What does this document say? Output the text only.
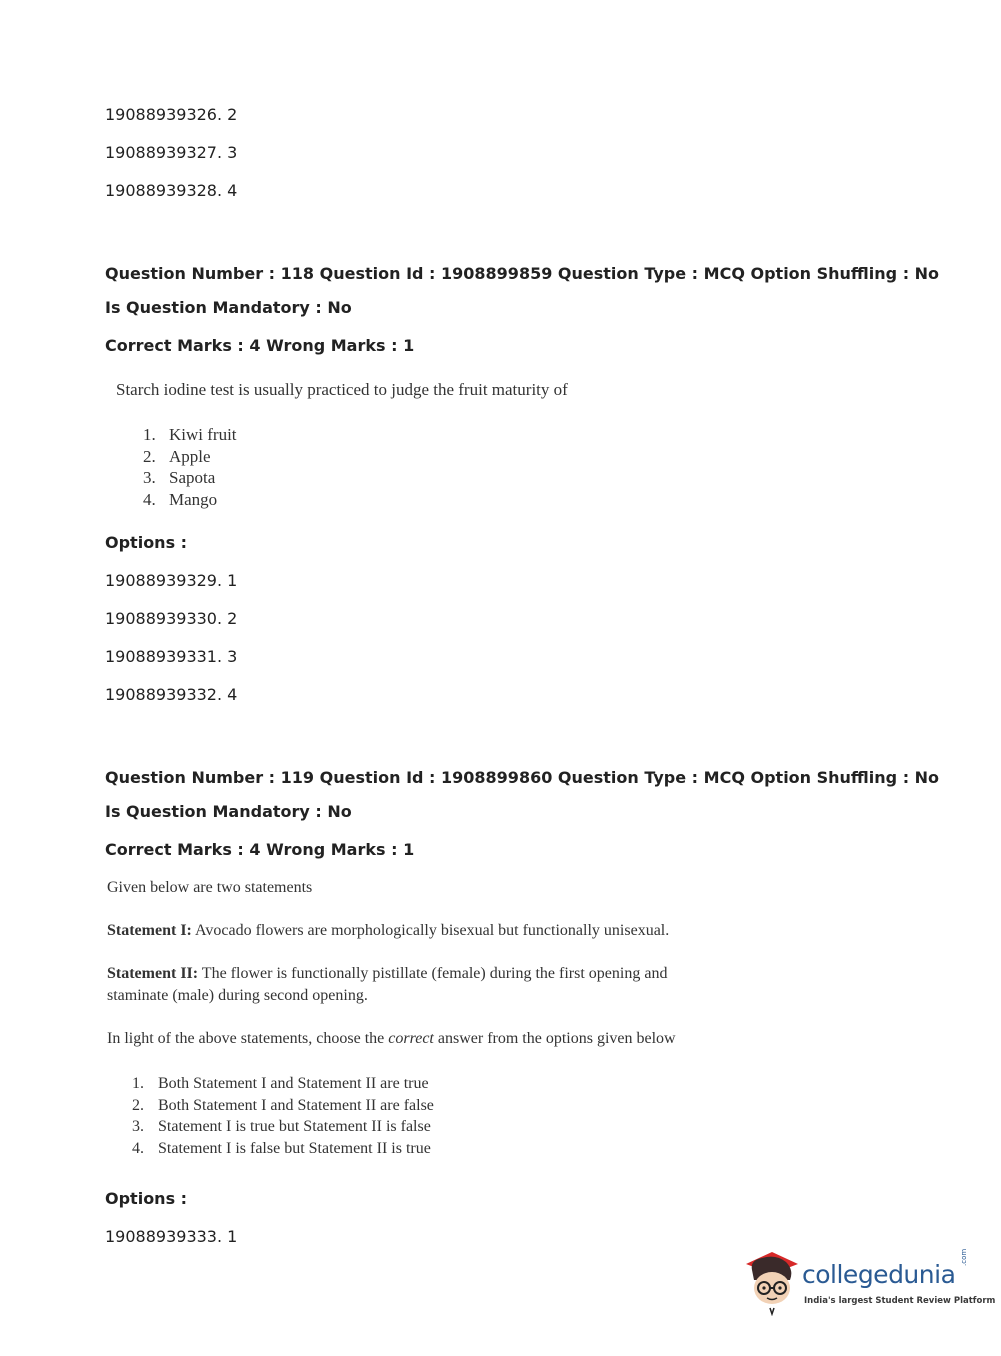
19088939326. 2
19088939327. 3
19088939328. 4
Question Number : 118 Question Id : 1908899859 Question Type : MCQ Option Shuffling : No
Is Question Mandatory : No
Correct Marks : 4 Wrong Marks : 1
Starch iodine test is usually practiced to judge the fruit maturity of
1. Kiwi fruit
2. Apple
3. Sapota
4. Mango
Options :
19088939329. 1
19088939330. 2
19088939331. 3
19088939332. 4
Question Number : 119 Question Id : 1908899860 Question Type : MCQ Option Shuffling : No
Is Question Mandatory : No
Correct Marks : 4 Wrong Marks : 1
Given below are two statements
Statement I: Avocado flowers are morphologically bisexual but functionally unisexual.
Statement II: The flower is functionally pistillate (female) during the first opening and
staminate (male) during second opening.
In light of the above statements, choose the correct answer from the options given below
1. Both Statement I and Statement II are true
2. Both Statement I and Statement II are false
3. Statement I is true but Statement II is false
4. Statement I is false but Statement II is true
Options :
19088939333. 1
collegedunia
.com
India's largest Student Review Platform
